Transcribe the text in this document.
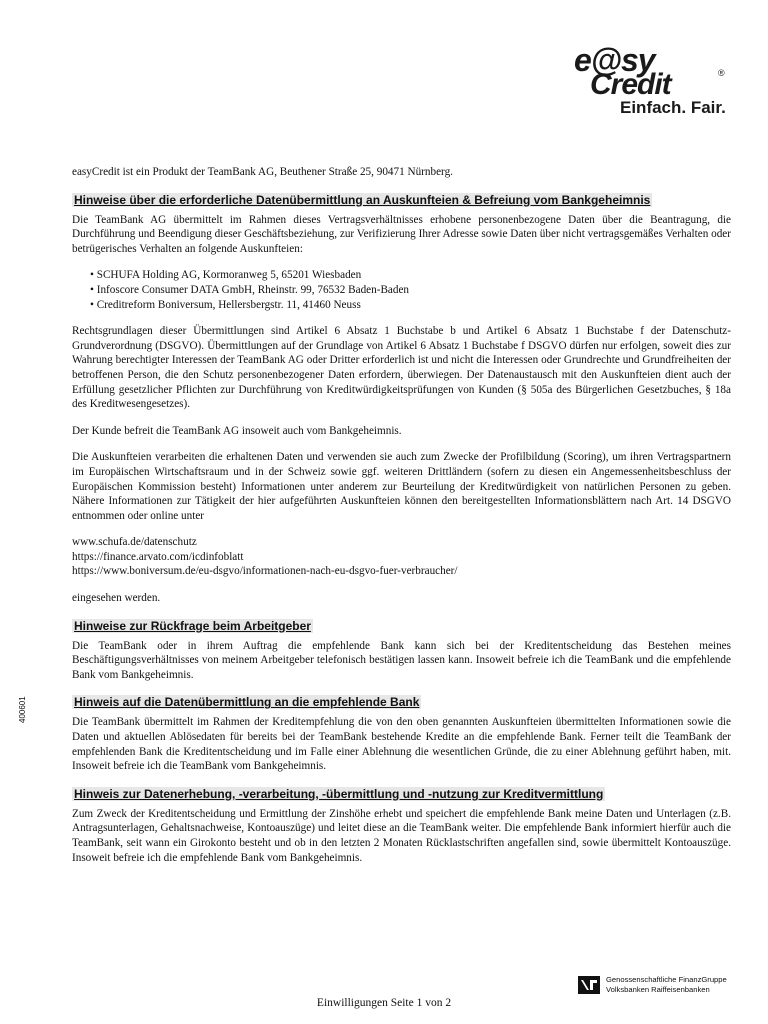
e@sy
Credit	®
Einfach. Fair.

easyCredit ist ein Produkt der TeamBank AG, Beuthener Straße 25, 90471 Nürnberg.

Hinweise über die erforderliche Datenübermittlung an Auskunfteien & Befreiung vom Bankgeheimnis

Die TeamBank AG übermittelt im Rahmen dieses Vertragsverhältnisses erhobene personenbezogene Daten über die Beantragung, die Durchführung und Beendigung dieser Geschäftsbeziehung, zur Verifizierung Ihrer Adresse sowie Daten über nicht vertragsgemäßes Verhalten oder betrügerisches Verhalten an folgende Auskunfteien:

• SCHUFA Holding AG, Kormoranweg 5, 65201 Wiesbaden
• Infoscore Consumer DATA GmbH, Rheinstr. 99, 76532 Baden-Baden
• Creditreform Boniversum, Hellersbergstr. 11, 41460 Neuss

Rechtsgrundlagen dieser Übermittlungen sind Artikel 6 Absatz 1 Buchstabe b und Artikel 6 Absatz 1 Buchstabe f der Datenschutz-Grundverordnung (DSGVO). Übermittlungen auf der Grundlage von Artikel 6 Absatz 1 Buchstabe f DSGVO dürfen nur erfolgen, soweit dies zur Wahrung berechtigter Interessen der TeamBank AG oder Dritter erforderlich ist und nicht die Interessen oder Grundrechte und Grundfreiheiten der betroffenen Person, die den Schutz personenbezogener Daten erfordern, überwiegen. Der Datenaustausch mit den Auskunfteien dient auch der Erfüllung gesetzlicher Pflichten zur Durchführung von Kreditwürdigkeitsprüfungen von Kunden (§ 505a des Bürgerlichen Gesetzbuches, § 18a des Kreditwesengesetzes).

Der Kunde befreit die TeamBank AG insoweit auch vom Bankgeheimnis.

Die Auskunfteien verarbeiten die erhaltenen Daten und verwenden sie auch zum Zwecke der Profilbildung (Scoring), um ihren Vertragspartnern im Europäischen Wirtschaftsraum und in der Schweiz sowie ggf. weiteren Drittländern (sofern zu diesen ein Angemessenheitsbeschluss der Europäischen Kommission besteht) Informationen unter anderem zur Beurteilung der Kreditwürdigkeit von natürlichen Personen zu geben. Nähere Informationen zur Tätigkeit der hier aufgeführten Auskunfteien können den bereitgestellten Informationsblättern nach Art. 14 DSGVO entnommen oder online unter

www.schufa.de/datenschutz
https://finance.arvato.com/icdinfoblatt
https://www.boniversum.de/eu-dsgvo/informationen-nach-eu-dsgvo-fuer-verbraucher/

eingesehen werden.

Hinweise zur Rückfrage beim Arbeitgeber

Die TeamBank oder in ihrem Auftrag die empfehlende Bank kann sich bei der Kreditentscheidung das Bestehen meines Beschäftigungsverhältnisses von meinem Arbeitgeber telefonisch bestätigen lassen kann. Insoweit befreie ich die TeamBank und die empfehlende Bank vom Bankgeheimnis.

Hinweis auf die Datenübermittlung an die empfehlende Bank

Die TeamBank übermittelt im Rahmen der Kreditempfehlung die von den oben genannten Auskunfteien übermittelten Informationen sowie die Daten und aktuellen Ablösedaten für bereits bei der TeamBank bestehende Kredite an die empfehlende Bank. Ferner teilt die TeamBank der empfehlenden Bank die Kreditentscheidung und im Falle einer Ablehnung die wesentlichen Gründe, die zu einer Ablehnung geführt haben, mit. Insoweit befreie ich die TeamBank vom Bankgeheimnis.

Hinweis zur Datenerhebung, -verarbeitung, -übermittlung und -nutzung zur Kreditvermittlung

Zum Zweck der Kreditentscheidung und Ermittlung der Zinshöhe erhebt und speichert die empfehlende Bank meine Daten und Unterlagen (z.B. Antragsunterlagen, Gehaltsnachweise, Kontoauszüge) und leitet diese an die TeamBank weiter. Die empfehlende Bank informiert hierfür auch die TeamBank, seit wann ein Girokonto besteht und ob in den letzten 2 Monaten Rücklastschriften angefallen sind, sowie übermittelt Kontoauszüge. Insoweit befreie ich die empfehlende Bank vom Bankgeheimnis.

400601
Genossenschaftliche FinanzGruppe
Volksbanken Raiffeisenbanken
Einwilligungen Seite 1 von 2
